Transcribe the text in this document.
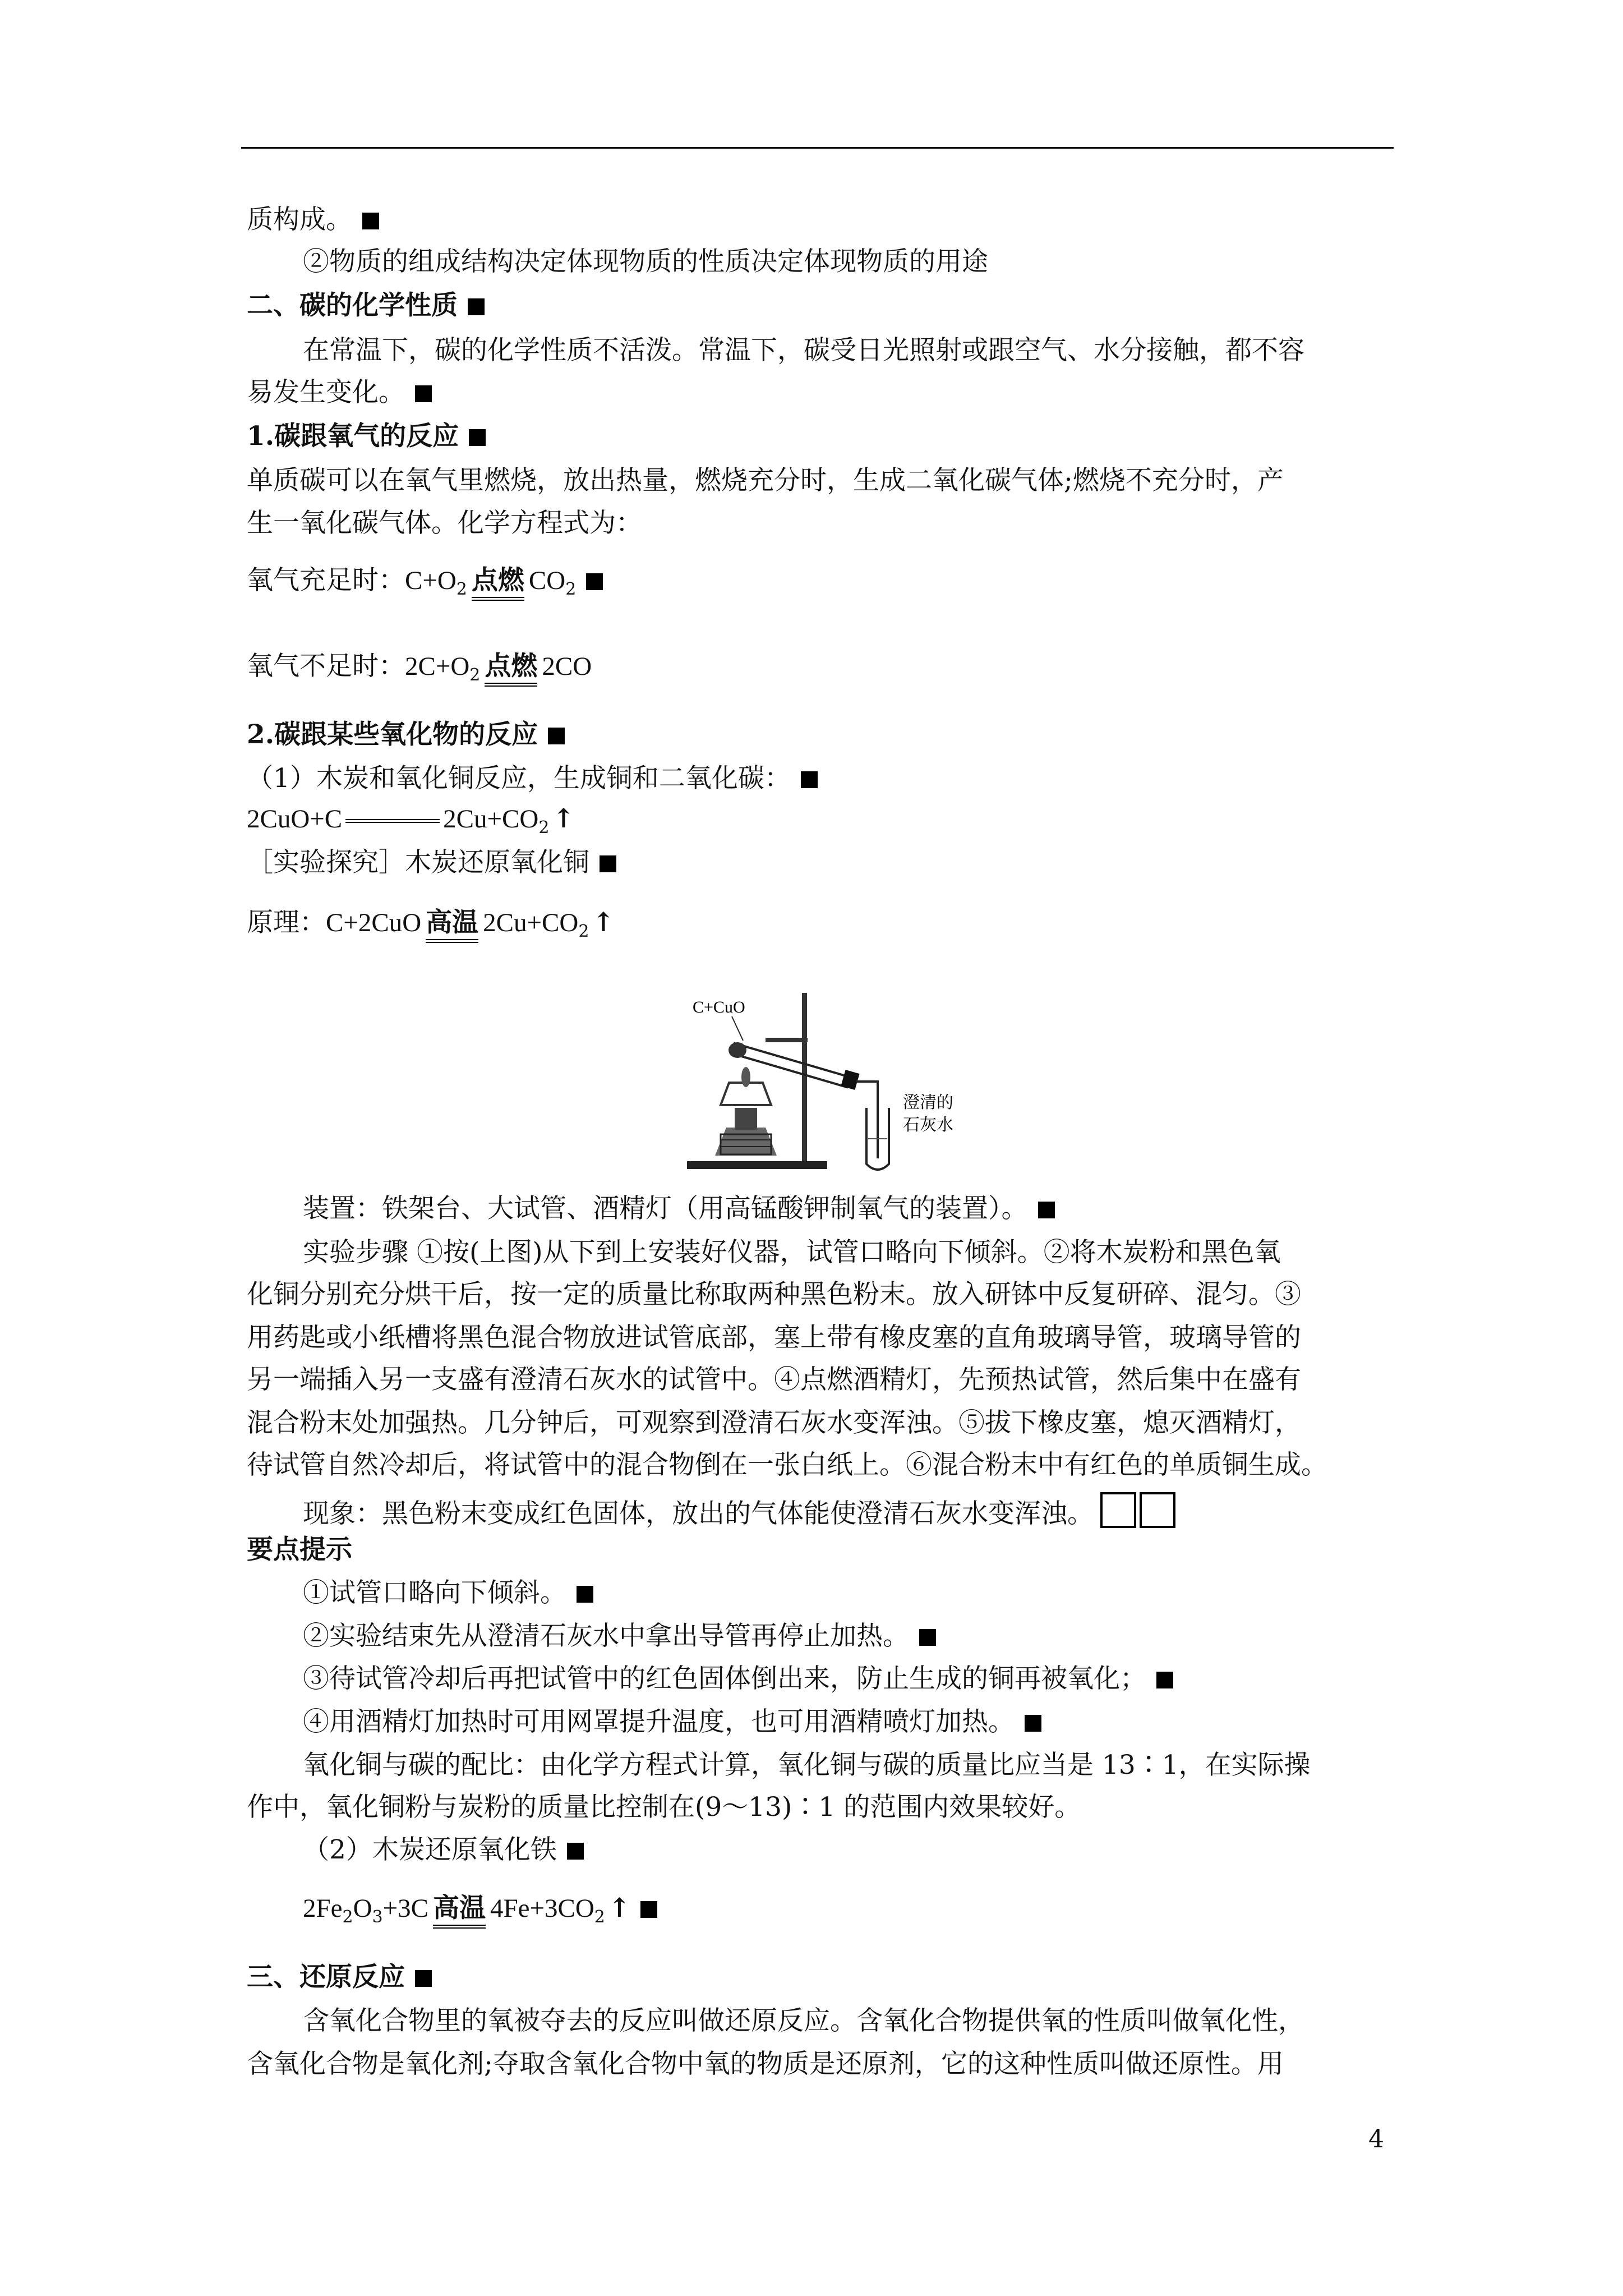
质构成。
②物质的组成结构决定体现物质的性质决定体现物质的用途
二、碳的化学性质
在常温下，碳的化学性质不活泼。常温下，碳受日光照射或跟空气、水分接触，都不容
易发生变化。
1.碳跟氧气的反应
单质碳可以在氧气里燃烧，放出热量，燃烧充分时，生成二氧化碳气体;燃烧不充分时，产
生一氧化碳气体。化学方程式为：
氧气充足时：$C+O_2$ 点燃 $CO_2$
氧气不足时：$2C+O_2$ 点燃 2CO
2.碳跟某些氧化物的反应
（1）木炭和氧化铜反应，生成铜和二氧化碳：
2CuO+C	$2Cu+CO_2$ ↑
［实验探究］木炭还原氧化铜
原理：C+2CuO 高温 $2Cu+CO_2$ ↑
C+CuO
澄清的
石灰水
装置：铁架台、大试管、酒精灯（用高锰酸钾制氧气的装置）。
实验步骤 ①按(上图)从下到上安装好仪器，试管口略向下倾斜。②将木炭粉和黑色氧
化铜分别充分烘干后，按一定的质量比称取两种黑色粉末。放入研钵中反复研碎、混匀。③
用药匙或小纸槽将黑色混合物放进试管底部，塞上带有橡皮塞的直角玻璃导管，玻璃导管的
另一端插入另一支盛有澄清石灰水的试管中。④点燃酒精灯，先预热试管，然后集中在盛有
混合粉末处加强热。几分钟后，可观察到澄清石灰水变浑浊。⑤拔下橡皮塞，熄灭酒精灯，
待试管自然冷却后，将试管中的混合物倒在一张白纸上。⑥混合粉末中有红色的单质铜生成。
现象：黑色粉末变成红色固体，放出的气体能使澄清石灰水变浑浊。
要点提示
①试管口略向下倾斜。
②实验结束先从澄清石灰水中拿出导管再停止加热。
③待试管冷却后再把试管中的红色固体倒出来，防止生成的铜再被氧化；
④用酒精灯加热时可用网罩提升温度，也可用酒精喷灯加热。
氧化铜与碳的配比：由化学方程式计算，氧化铜与碳的质量比应当是 13∶1，在实际操
作中，氧化铜粉与炭粉的质量比控制在(9～13)∶1 的范围内效果较好。
（2）木炭还原氧化铁
$2Fe_2O_3+3C$ 高温 $4Fe+3CO_2$ ↑
三、还原反应
含氧化合物里的氧被夺去的反应叫做还原反应。含氧化合物提供氧的性质叫做氧化性，
含氧化合物是氧化剂;夺取含氧化合物中氧的物质是还原剂，它的这种性质叫做还原性。用
4
